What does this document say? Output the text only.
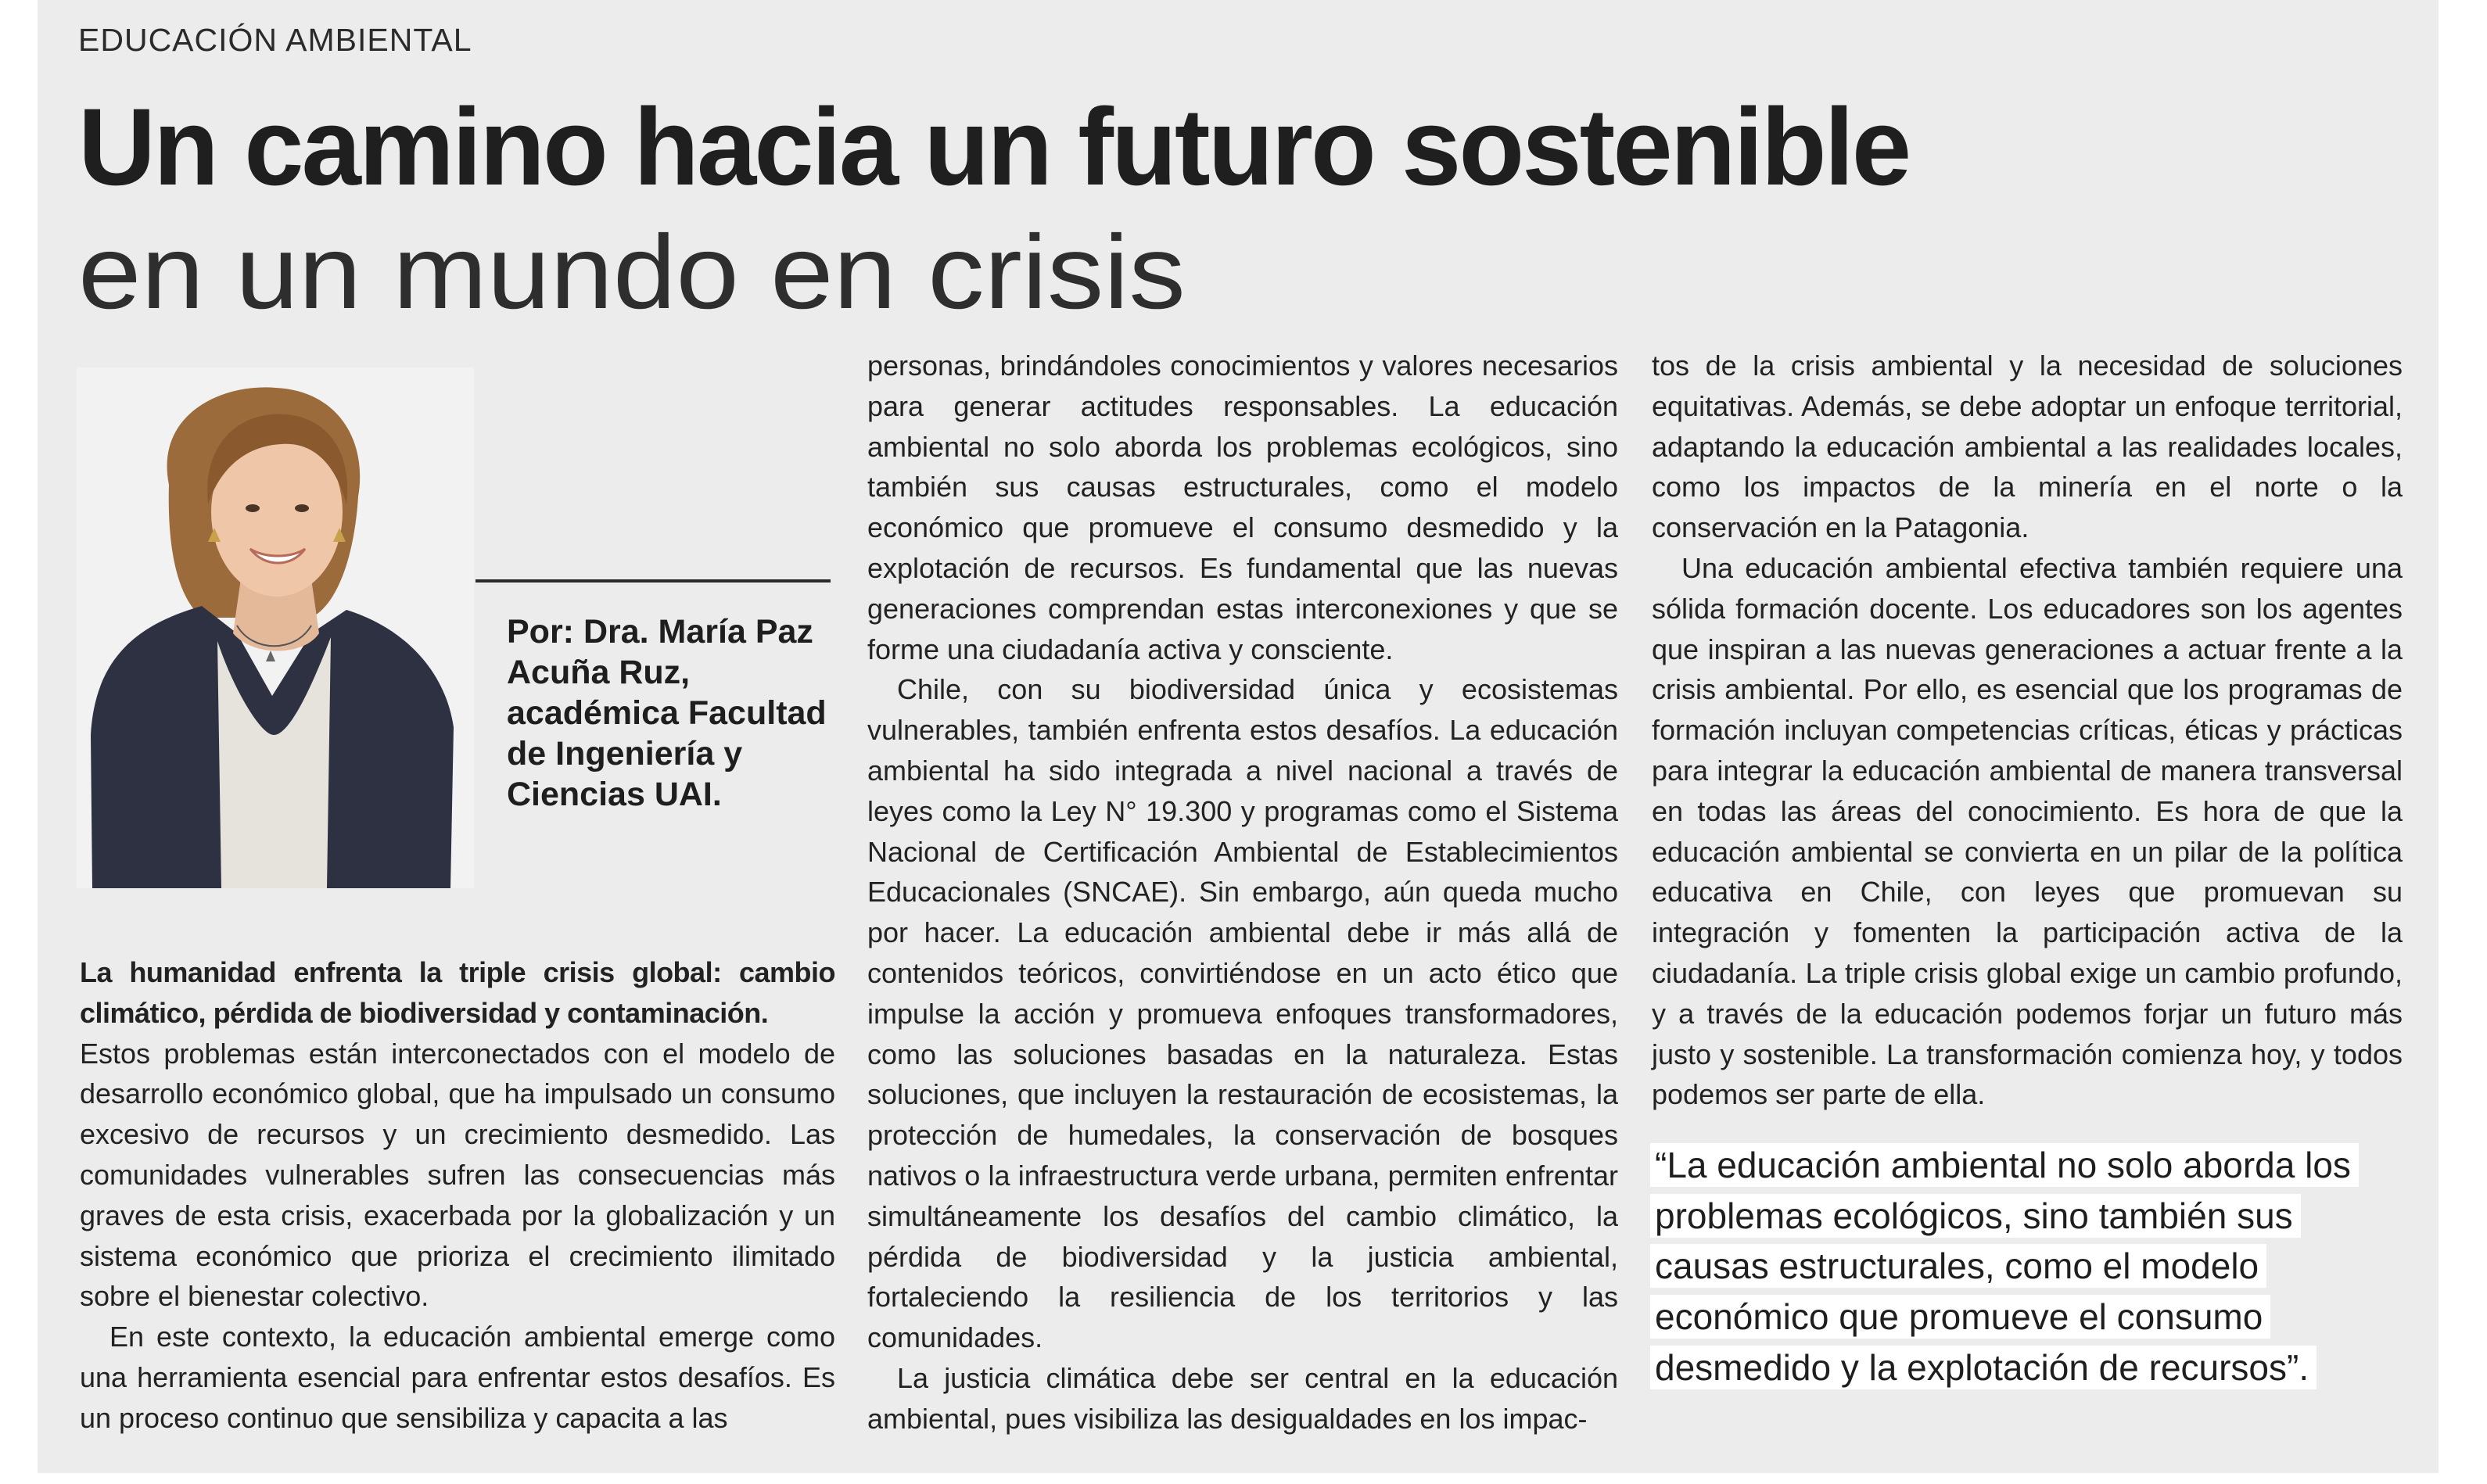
EDUCACIÓN AMBIENTAL
Un camino hacia un futuro sostenible
en un mundo en crisis
Por: Dra. María Paz Acuña Ruz, académica Facultad de Ingeniería y Ciencias UAI.

La humanidad enfrenta la triple crisis global: cambio climático, pérdida de biodiversidad y contaminación.

Estos problemas están interconectados con el modelo de desarrollo económico global, que ha impulsado un consumo excesivo de recursos y un crecimiento desmedido. Las comunidades vulnerables sufren las consecuencias más graves de esta crisis, exacerbada por la globalización y un sistema económico que prioriza el crecimiento ilimitado sobre el bienestar colectivo.

En este contexto, la educación ambiental emerge como una herramienta esencial para enfrentar estos desafíos. Es un proceso continuo que sensibiliza y capacita a las

personas, brindándoles conocimientos y valores necesarios para generar actitudes responsables. La educación ambiental no solo aborda los problemas ecológicos, sino también sus causas estructurales, como el modelo económico que promueve el consumo desmedido y la explotación de recursos. Es fundamental que las nuevas generaciones comprendan estas interconexiones y que se forme una ciudadanía activa y consciente.

Chile, con su biodiversidad única y ecosistemas vulnerables, también enfrenta estos desafíos. La educación ambiental ha sido integrada a nivel nacional a través de leyes como la Ley N° 19.300 y programas como el Sistema Nacional de Certificación Ambiental de Establecimientos Educacionales (SNCAE). Sin embargo, aún queda mucho por hacer. La educación ambiental debe ir más allá de contenidos teóricos, convirtiéndose en un acto ético que impulse la acción y promueva enfoques transformadores, como las soluciones basadas en la naturaleza. Estas soluciones, que incluyen la restauración de ecosistemas, la protección de humedales, la conservación de bosques nativos o la infraestructura verde urbana, permiten enfrentar simultáneamente los desafíos del cambio climático, la pérdida de biodiversidad y la justicia ambiental, fortaleciendo la resiliencia de los territorios y las comunidades.

La justicia climática debe ser central en la educación ambiental, pues visibiliza las desigualdades en los impac-

tos de la crisis ambiental y la necesidad de soluciones equitativas. Además, se debe adoptar un enfoque territorial, adaptando la educación ambiental a las realidades locales, como los impactos de la minería en el norte o la conservación en la Patagonia.

Una educación ambiental efectiva también requiere una sólida formación docente. Los educadores son los agentes que inspiran a las nuevas generaciones a actuar frente a la crisis ambiental. Por ello, es esencial que los programas de formación incluyan competencias críticas, éticas y prácticas para integrar la educación ambiental de manera transversal en todas las áreas del conocimiento. Es hora de que la educación ambiental se convierta en un pilar de la política educativa en Chile, con leyes que promuevan su integración y fomenten la participación activa de la ciudadanía. La triple crisis global exige un cambio profundo, y a través de la educación podemos forjar un futuro más justo y sostenible. La transformación comienza hoy, y todos podemos ser parte de ella.

“La educación ambiental no solo aborda los problemas ecológicos, sino también sus causas estructurales, como el modelo económico que promueve el consumo desmedido y la explotación de recursos”.
